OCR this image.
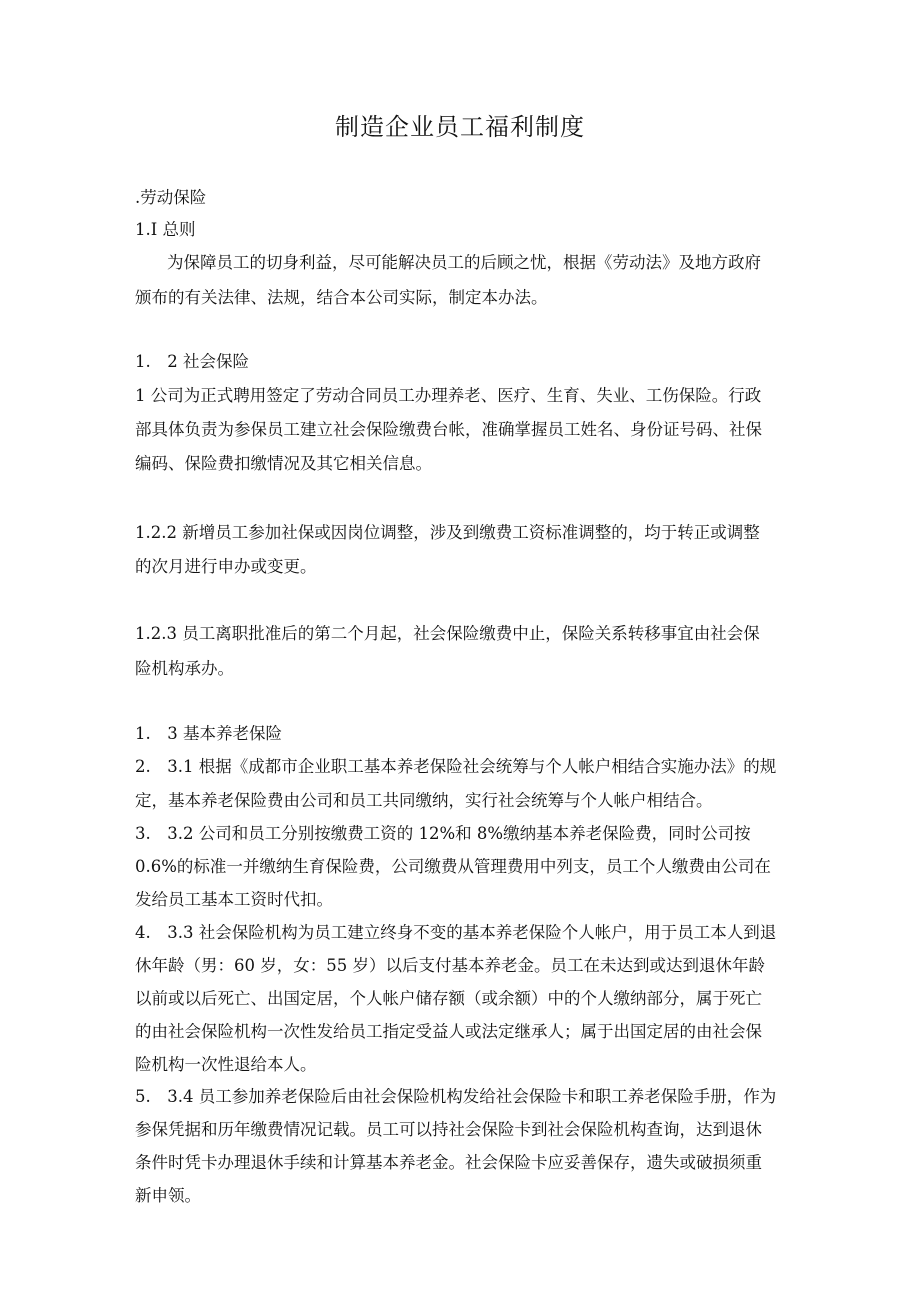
制造企业员工福利制度
.劳动保险
1.I 总则
为保障员工的切身利益，尽可能解决员工的后顾之忧，根据《劳动法》及地方政府
颁布的有关法律、法规，结合本公司实际，制定本办法。
1.　2 社会保险
1 公司为正式聘用签定了劳动合同员工办理养老、医疗、生育、失业、工伤保险。行政
部具体负责为参保员工建立社会保险缴费台帐，准确掌握员工姓名、身份证号码、社保
编码、保险费扣缴情况及其它相关信息。
1.2.2 新增员工参加社保或因岗位调整，涉及到缴费工资标准调整的，均于转正或调整
的次月进行申办或变更。
1.2.3 员工离职批准后的第二个月起，社会保险缴费中止，保险关系转移事宜由社会保
险机构承办。
1.　3 基本养老保险
2.　3.1 根据《成都市企业职工基本养老保险社会统筹与个人帐户相结合实施办法》的规
定，基本养老保险费由公司和员工共同缴纳，实行社会统筹与个人帐户相结合。
3.　3.2 公司和员工分别按缴费工资的 12%和 8%缴纳基本养老保险费，同时公司按
0.6%的标准一并缴纳生育保险费，公司缴费从管理费用中列支，员工个人缴费由公司在
发给员工基本工资时代扣。
4.　3.3 社会保险机构为员工建立终身不变的基本养老保险个人帐户，用于员工本人到退
休年龄（男：60 岁，女：55 岁）以后支付基本养老金。员工在未达到或达到退休年龄
以前或以后死亡、出国定居，个人帐户储存额（或余额）中的个人缴纳部分，属于死亡
的由社会保险机构一次性发给员工指定受益人或法定继承人；属于出国定居的由社会保
险机构一次性退给本人。
5.　3.4 员工参加养老保险后由社会保险机构发给社会保险卡和职工养老保险手册，作为
参保凭据和历年缴费情况记载。员工可以持社会保险卡到社会保险机构查询，达到退休
条件时凭卡办理退休手续和计算基本养老金。社会保险卡应妥善保存，遗失或破损须重
新申领。
